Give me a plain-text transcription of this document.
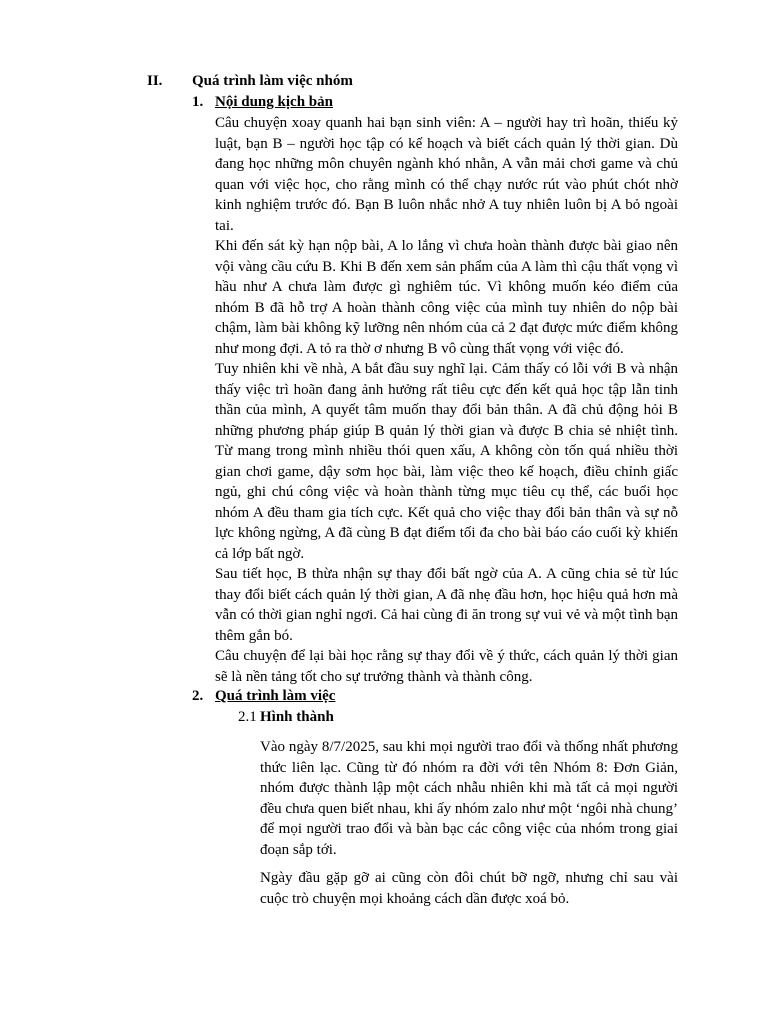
II. Quá trình làm việc nhóm
1. Nội dung kịch bản
Câu chuyện xoay quanh hai bạn sinh viên: A – người hay trì hoãn, thiếu kỷ
luật, bạn B – người học tập có kế hoạch và biết cách quản lý thời gian. Dù
đang học những môn chuyên ngành khó nhằn, A vẫn mải chơi game và chủ
quan với việc học, cho rằng mình có thể chạy nước rút vào phút chót nhờ
kinh nghiệm trước đó. Bạn B luôn nhắc nhở A tuy nhiên luôn bị A bỏ ngoài
tai.
Khi đến sát kỳ hạn nộp bài, A lo lắng vì chưa hoàn thành được bài giao nên
vội vàng cầu cứu B. Khi B đến xem sản phẩm của A làm thì cậu thất vọng vì
hầu như A chưa làm được gì nghiêm túc. Vì không muốn kéo điểm của
nhóm B đã hỗ trợ A hoàn thành công việc của mình tuy nhiên do nộp bài
chậm, làm bài không kỹ lưỡng nên nhóm của cả 2 đạt được mức điểm không
như mong đợi. A tỏ ra thờ ơ nhưng B vô cùng thất vọng với việc đó.
Tuy nhiên khi về nhà, A bắt đầu suy nghĩ lại. Cảm thấy có lỗi với B và nhận
thấy việc trì hoãn đang ảnh hưởng rất tiêu cực đến kết quả học tập lẫn tinh
thần của mình, A quyết tâm muốn thay đổi bản thân. A đã chủ động hỏi B
những phương pháp giúp B quản lý thời gian và được B chia sẻ nhiệt tình.
Từ mang trong mình nhiều thói quen xấu, A không còn tốn quá nhiều thời
gian chơi game, dậy sơm học bài, làm việc theo kế hoạch, điều chỉnh giấc
ngủ, ghi chú công việc và hoàn thành từng mục tiêu cụ thể, các buổi học
nhóm A đều tham gia tích cực. Kết quả cho việc thay đổi bản thân và sự nỗ
lực không ngừng, A đã cùng B đạt điểm tối đa cho bài báo cáo cuối kỳ khiến
cả lớp bất ngờ.
Sau tiết học, B thừa nhận sự thay đổi bất ngờ của A. A cũng chia sẻ từ lúc
thay đổi biết cách quản lý thời gian, A đã nhẹ đầu hơn, học hiệu quả hơn mà
vẫn có thời gian nghỉ ngơi. Cả hai cùng đi ăn trong sự vui vẻ và một tình bạn
thêm gắn bó.
Câu chuyện để lại bài học rằng sự thay đổi về ý thức, cách quản lý thời gian
sẽ là nền tảng tốt cho sự trưởng thành và thành công.
2. Quá trình làm việc
2.1 Hình thành
Vào ngày 8/7/2025, sau khi mọi người trao đổi và thống nhất phương
thức liên lạc. Cũng từ đó nhóm ra đời với tên Nhóm 8: Đơn Giản,
nhóm được thành lập một cách nhẫu nhiên khi mà tất cả mọi người
đều chưa quen biết nhau, khi ấy nhóm zalo như một ‘ngôi nhà chung’
để mọi người trao đổi và bàn bạc các công việc của nhóm trong giai
đoạn sắp tới.
Ngày đầu gặp gỡ ai cũng còn đôi chút bỡ ngỡ, nhưng chỉ sau vài
cuộc trò chuyện mọi khoảng cách dần được xoá bỏ.
